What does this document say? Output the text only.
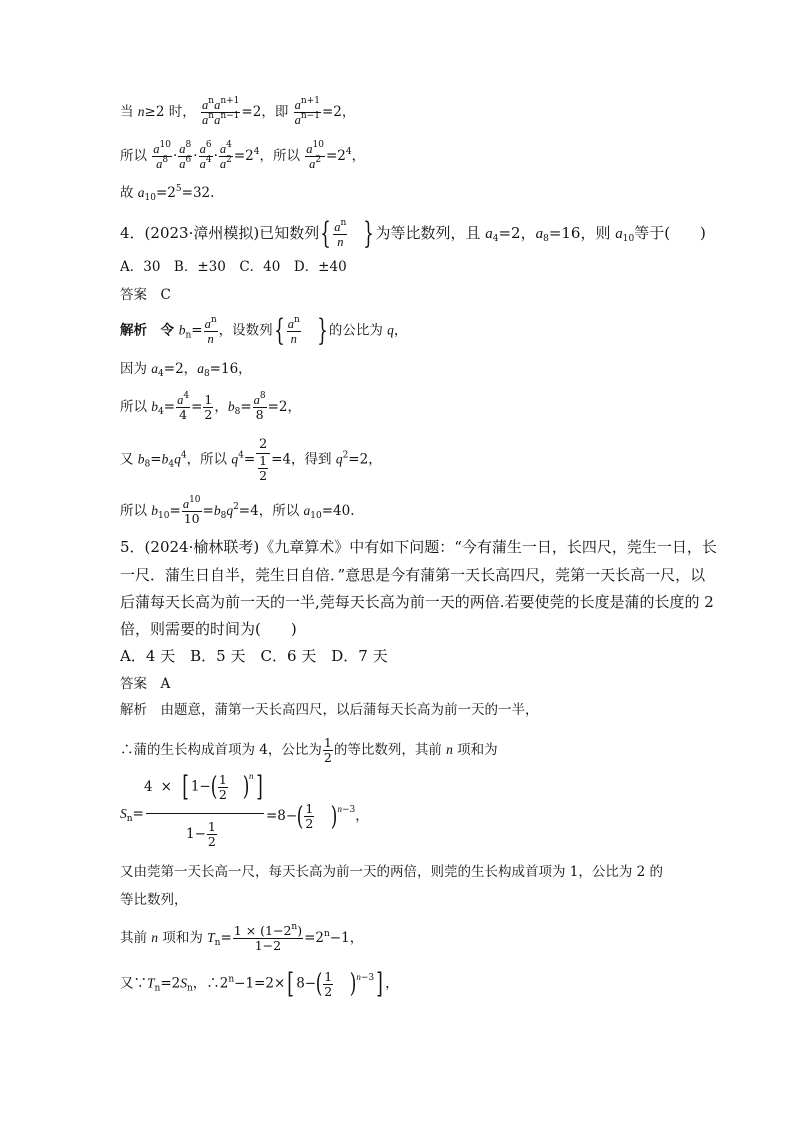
当 n≥2 时， $\frac{a^na^{n+1}}{a^na^{n-1}} =2$，即 $\frac{a^{n+1}}{a^{n-1}} =2$，
所以 $\frac{a^{10}}{a^8} \cdot \frac{a^8}{a^6} \cdot \frac{a^6}{a^4} \cdot \frac{a^4}{a^2} =2^4$，所以 $\frac{a^{10}}{a^2} =2^4$，
故 $a_{10}=2^5=32$.
4．(2023·漳州模拟)已知数列{ $\frac{a^n}{n}$ }为等比数列，且 $a_4=2$，$a_8=16$，则 $a_{10}$等于(　　)
A．30　B．±30　C．40　D．±40
答案　C
解析　令 $b_n= \frac{a^n}{n}$ ，设数列{ $\frac{a^n}{n}$ }的公比为 q，
因为 $a_4=2$，$a_8=16$，
所以 $b_4= \frac{a^4}{4} = \frac{1}{2}$ ，$b_8= \frac{a^8}{8} =2$，
又 $b_8=b_4q^4$，所以 $q^4= \frac{2}{\frac{1}{2}} =4$，得到 $q^2=2$，
所以 $b_{10}= \frac{a^{10}}{10} =b_8q^2=4$，所以 $a_{10}=40$.
5．(2024·榆林联考)《九章算术》中有如下问题：“今有蒲生一日，长四尺，莞生一日，长
一尺．蒲生日自半，莞生日自倍．”意思是今有蒲第一天长高四尺，莞第一天长高一尺，以
后蒲每天长高为前一天的一半,莞每天长高为前一天的两倍.若要使莞的长度是蒲的长度的 2
倍，则需要的时间为(　　)
A．4 天　B．5 天　C．6 天　D．7 天
答案　A
解析　由题意，蒲第一天长高四尺，以后蒲每天长高为前一天的一半，
∴蒲的生长构成首项为 4，公比为 $\frac{1}{2}$ 的等比数列，其前 n 项和为
$S_n=$
4 × [ $1-( \frac{1}{2} )^n$]
$1- \frac{1}{2}$
$=8-( \frac{1}{2} )^{n-3}$，
又由莞第一天长高一尺，每天长高为前一天的两倍，则莞的生长构成首项为 1，公比为 2 的
等比数列，
其前 n 项和为 $T_n= \frac{1 \times (1-2^n)}{1-2} =2^n-1$，
又$\because T_n=2S_n$，$\therefore 2^n-1=2\times$[ $8-( \frac{1}{2} )^{n-3}$] ，
